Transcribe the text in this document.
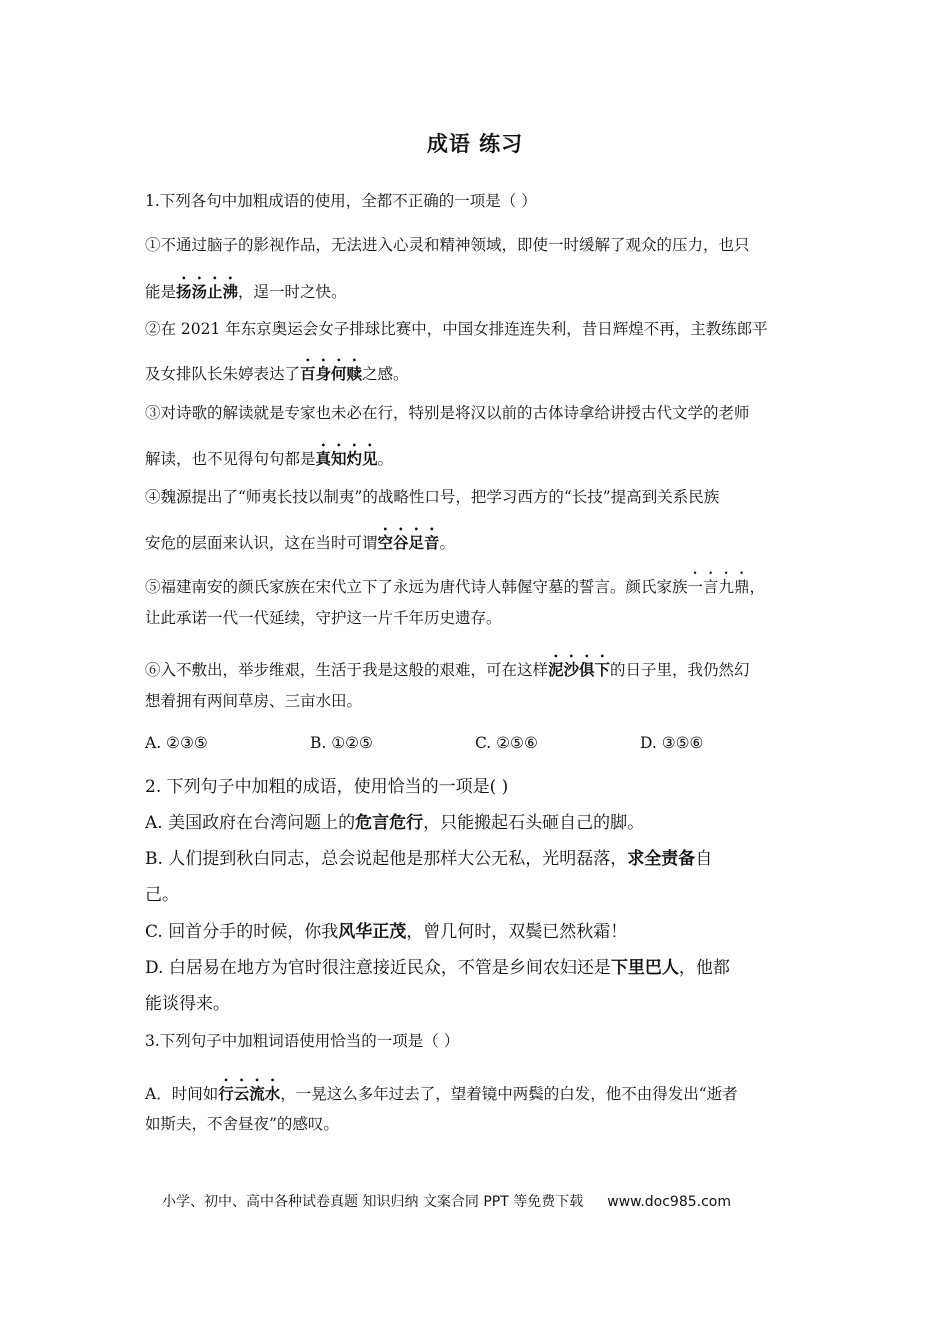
成语 练习
1.下列各句中加粗成语的使用，全都不正确的一项是（ ）
①不通过脑子的影视作品，无法进入心灵和精神领域，即使一时缓解了观众的压力，也只
能是扬汤止沸，逞一时之快。
②在 2021 年东京奥运会女子排球比赛中，中国女排连连失利，昔日辉煌不再，主教练郎平
及女排队长朱婷表达了百身何赎之感。
③对诗歌的解读就是专家也未必在行，特别是将汉以前的古体诗拿给讲授古代文学的老师
解读，也不见得句句都是真知灼见。
④魏源提出了“师夷长技以制夷”的战略性口号，把学习西方的“长技”提高到关系民族
安危的层面来认识，这在当时可谓空谷足音。
⑤福建南安的颜氏家族在宋代立下了永远为唐代诗人韩偓守墓的誓言。颜氏家族一言九鼎，
让此承诺一代一代延续，守护这一片千年历史遗存。
⑥入不敷出，举步维艰，生活于我是这般的艰难，可在这样泥沙俱下的日子里，我仍然幻
想着拥有两间草房、三亩水田。
A. ②③⑤	B. ①②⑤	C. ②⑤⑥	D. ③⑤⑥
2. 下列句子中加粗的成语，使用恰当的一项是( )
A. 美国政府在台湾问题上的危言危行，只能搬起石头砸自己的脚。
B. 人们提到秋白同志，总会说起他是那样大公无私，光明磊落，求全责备自
己。
C. 回首分手的时候，你我风华正茂，曾几何时，双鬓已然秋霜！
D. 白居易在地方为官时很注意接近民众，不管是乡间农妇还是下里巴人，他都
能谈得来。
3.下列句子中加粗词语使用恰当的一项是（ ）
A．时间如行云流水，一晃这么多年过去了，望着镜中两鬓的白发，他不由得发出“逝者
如斯夫，不舍昼夜”的感叹。
小学、初中、高中各种试卷真题 知识归纳 文案合同 PPT 等免费下载 www.doc985.com
